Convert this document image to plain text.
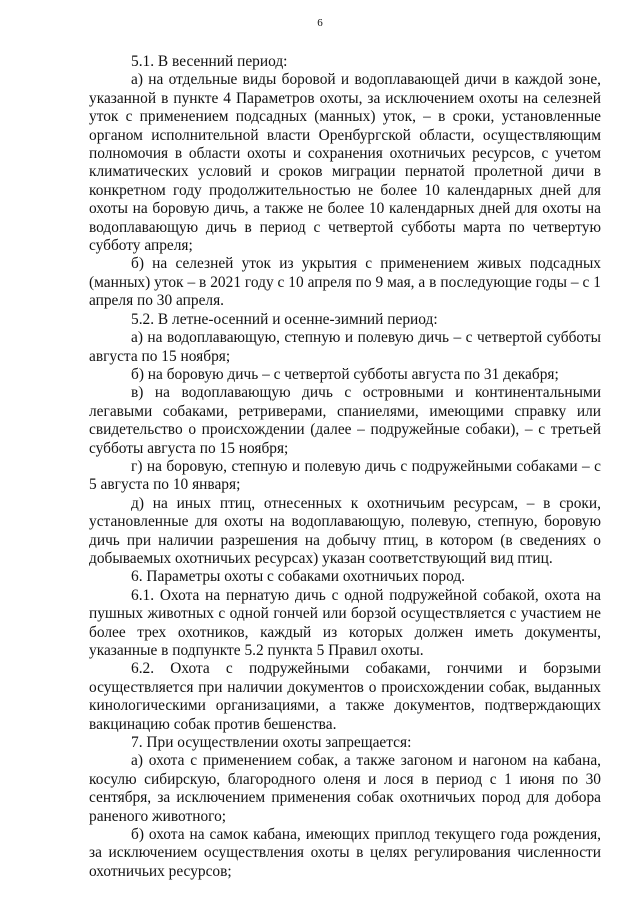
6

5.1. В весенний период:

а) на отдельные виды боровой и водоплавающей дичи в каждой зоне, указанной в пункте 4 Параметров охоты, за исключением охоты на селезней уток с применением подсадных (манных) уток, – в сроки, установленные органом исполнительной власти Оренбургской области, осуществляющим полномочия в области охоты и сохранения охотничьих ресурсов, с учетом климатических условий и сроков миграции пернатой пролетной дичи в конкретном году продолжительностью не более 10 календарных дней для охоты на боровую дичь, а также не более 10 календарных дней для охоты на водоплавающую дичь в период с четвертой субботы марта по четвертую субботу апреля;

б) на селезней уток из укрытия с применением живых подсадных (манных) уток – в 2021 году с 10 апреля по 9 мая, а в последующие годы – с 1 апреля по 30 апреля.

5.2. В летне-осенний и осенне-зимний период:

а) на водоплавающую, степную и полевую дичь – с четвертой субботы августа по 15 ноября;

б) на боровую дичь – с четвертой субботы августа по 31 декабря;

в) на водоплавающую дичь с островными и континентальными легавыми собаками, ретриверами, спаниелями, имеющими справку или свидетельство о происхождении (далее – подружейные собаки), – с третьей субботы августа по 15 ноября;

г) на боровую, степную и полевую дичь с подружейными собаками – с 5 августа по 10 января;

д) на иных птиц, отнесенных к охотничьим ресурсам, – в сроки, установленные для охоты на водоплавающую, полевую, степную, боровую дичь при наличии разрешения на добычу птиц, в котором (в сведениях о добываемых охотничьих ресурсах) указан соответствующий вид птиц.

6. Параметры охоты с собаками охотничьих пород.

6.1. Охота на пернатую дичь с одной подружейной собакой, охота на пушных животных с одной гончей или борзой осуществляется с участием не более трех охотников, каждый из которых должен иметь документы, указанные в подпункте 5.2 пункта 5 Правил охоты.

6.2. Охота с подружейными собаками, гончими и борзыми осуществляется при наличии документов о происхождении собак, выданных кинологическими организациями, а также документов, подтверждающих вакцинацию собак против бешенства.

7. При осуществлении охоты запрещается:

а) охота с применением собак, а также загоном и нагоном на кабана, косулю сибирскую, благородного оленя и лося в период с 1 июня по 30 сентября, за исключением применения собак охотничьих пород для добора раненого животного;

б) охота на самок кабана, имеющих приплод текущего года рождения, за исключением осуществления охоты в целях регулирования численности охотничьих ресурсов;
